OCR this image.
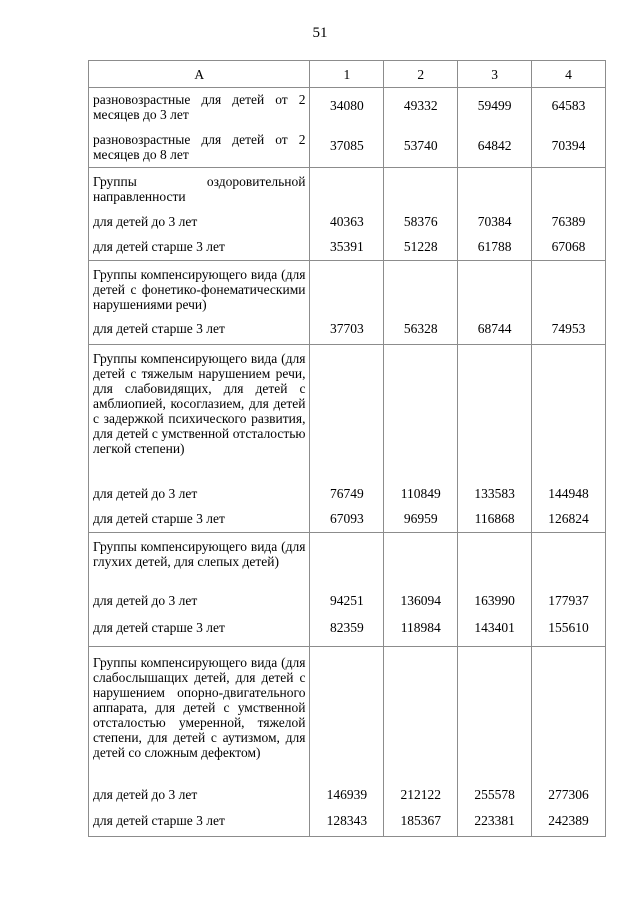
51
А	1	2	3	4
разновозрастные для детей от 2 месяцев до 3 лет	34080	49332	59499	64583
разновозрастные для детей от 2 месяцев до 8 лет	37085	53740	64842	70394
Группы оздоровительной направленности				
для детей до 3 лет	40363	58376	70384	76389
для детей старше 3 лет	35391	51228	61788	67068
Группы компенсирующего вида (для детей с фонетико-фонематическими нарушениями речи)				
для детей старше 3 лет	37703	56328	68744	74953
Группы компенсирующего вида (для детей с тяжелым нарушением речи, для слабовидящих, для детей с амблиопией, косоглазием, для детей с задержкой психического развития, для детей с умственной отсталостью легкой степени)				
для детей до 3 лет	76749	110849	133583	144948
для детей старше 3 лет	67093	96959	116868	126824
Группы компенсирующего вида (для глухих детей, для слепых детей)				
для детей до 3 лет	94251	136094	163990	177937
для детей старше 3 лет	82359	118984	143401	155610
Группы компенсирующего вида (для слабослышащих детей, для детей с нарушением опорно-двигательного аппарата, для детей с умственной отсталостью умеренной, тяжелой степени, для детей с аутизмом, для детей со сложным дефектом)				
для детей до 3 лет	146939	212122	255578	277306
для детей старше 3 лет	128343	185367	223381	242389
